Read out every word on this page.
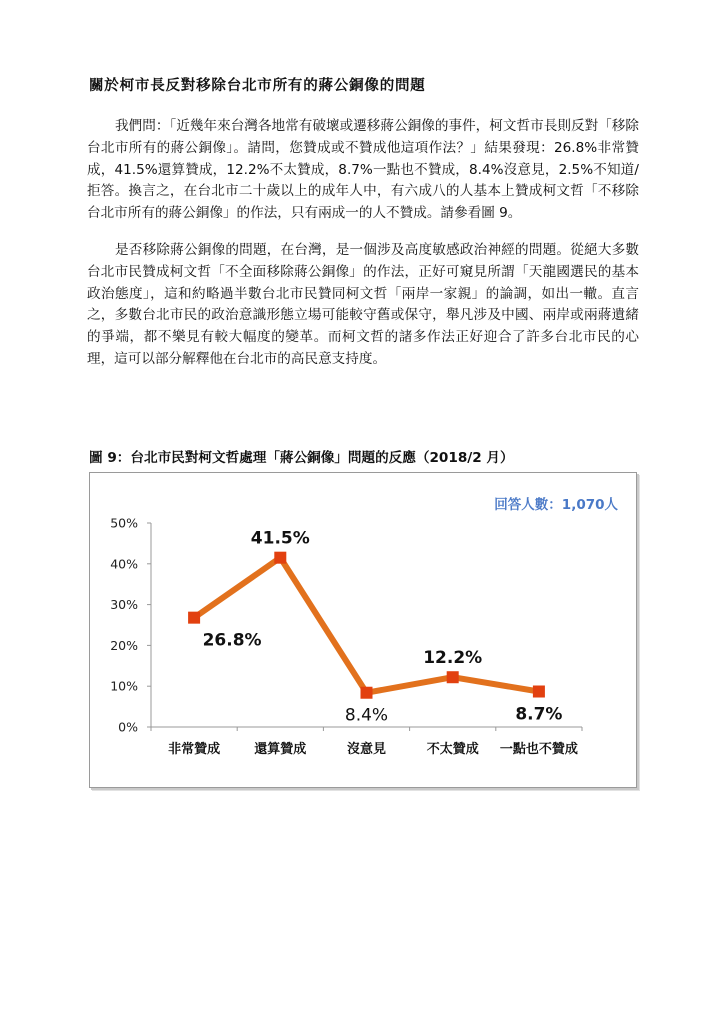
關於柯市長反對移除台北市所有的蔣公銅像的問題

我們問：「近幾年來台灣各地常有破壞或遷移蔣公銅像的事件，柯文哲市長則反對「移除台北市所有的蔣公銅像」。請問，您贊成或不贊成他這項作法？」結果發現：26.8%非常贊成，41.5%還算贊成，12.2%不太贊成，8.7%一點也不贊成，8.4%沒意見，2.5%不知道/拒答。換言之，在台北市二十歲以上的成年人中，有六成八的人基本上贊成柯文哲「不移除台北市所有的蔣公銅像」的作法，只有兩成一的人不贊成。請參看圖 9。

是否移除蔣公銅像的問題，在台灣，是一個涉及高度敏感政治神經的問題。從絕大多數台北市民贊成柯文哲「不全面移除蔣公銅像」的作法，正好可窺見所謂「天龍國選民的基本政治態度」，這和約略過半數台北市民贊同柯文哲「兩岸一家親」的論調，如出一轍。直言之，多數台北市民的政治意識形態立場可能較守舊或保守，舉凡涉及中國、兩岸或兩蔣遺緒的爭端，都不樂見有較大幅度的變革。而柯文哲的諸多作法正好迎合了許多台北市民的心理，這可以部分解釋他在台北市的高民意支持度。

圖 9：台北市民對柯文哲處理「蔣公銅像」問題的反應（2018/2 月）
0%
10%
20%
30%
40%
50%
26.8%
41.5%
8.4%
12.2%
8.7%
非常贊成	還算贊成	沒意見	不太贊成 一點也不贊成
回答人數：1,070人
